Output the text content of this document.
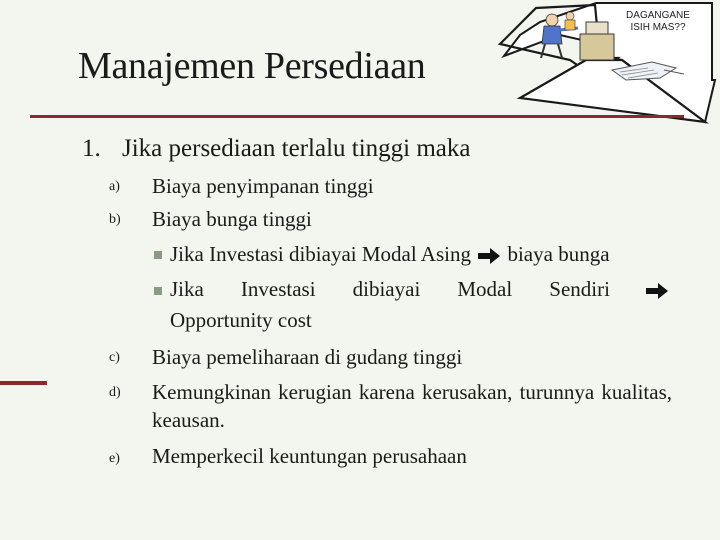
DAGANGANE
ISIH MAS??
Manajemen Persediaan
1. Jika persediaan terlalu tinggi maka
a) Biaya penyimpanan tinggi
b) Biaya bunga tinggi
Jika Investasi dibiayai Modal Asing biaya bunga
Jika Investasi dibiayai Modal Sendiri
Opportunity cost
c) Biaya pemeliharaan di gudang tinggi
d) Kemungkinan kerugian karena kerusakan, turunnya kualitas, keausan.
e) Memperkecil keuntungan perusahaan
